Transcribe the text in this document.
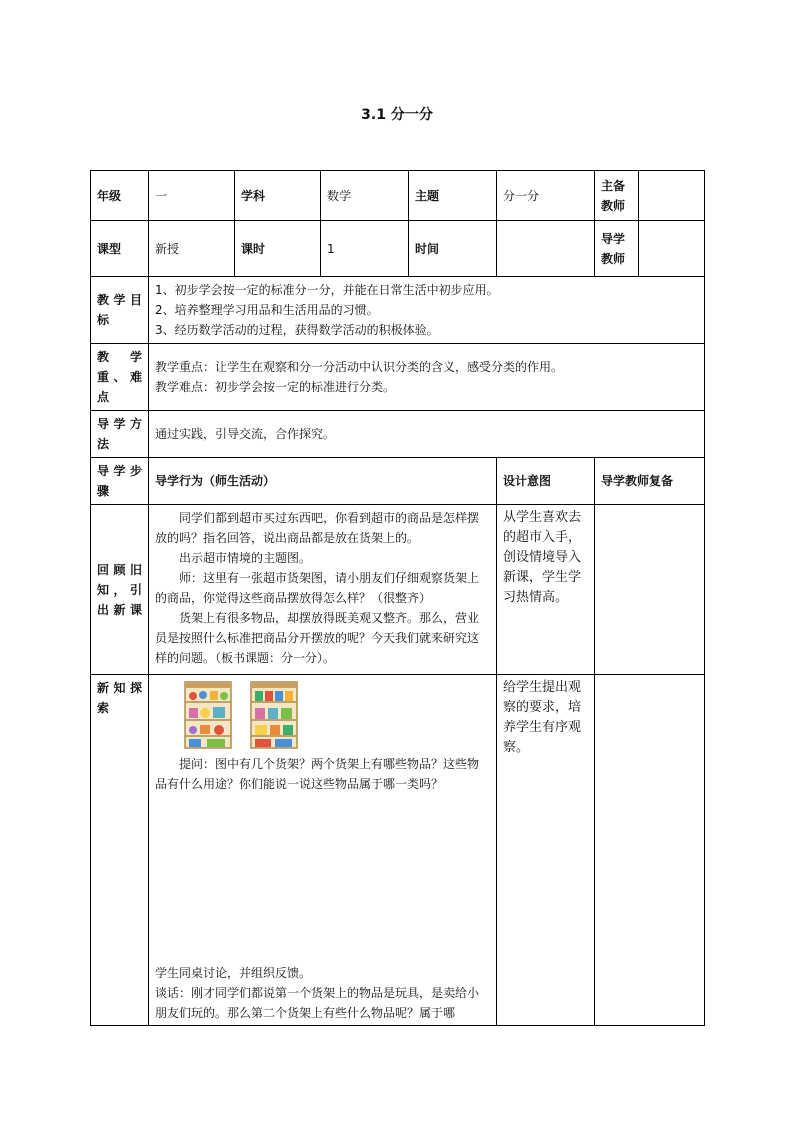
3.1 分一分
年级	一	学科	数学	主题	分一分	主备教师	
课型	新授	课时	1	时间		导学教师	

教学目标	1、初步学会按一定的标准分一分，并能在日常生活中初步应用。

2、培养整理学习用品和生活用品的习惯。

3、经历数学活动的过程，获得数学活动的积极体验。						

教学重、难点	教学重点：让学生在观察和分一分活动中认识分类的含义，感受分类的作用。

教学难点：初步学会按一定的标准进行分类。						

导学方法	通过实践，引导交流，合作探究。						

导学步骤	导学行为（师生活动）				设计意图	导学教师复备	

回顾旧知，引出新课	同学们都到超市买过东西吧，你看到超市的商品是怎样摆放的吗？指名回答，说出商品都是放在货架上的。

出示超市情境的主题图。

师：这里有一张超市货架图，请小朋友们仔细观察货架上的商品，你觉得这些商品摆放得怎么样？（很整齐）

货架上有很多物品，却摆放得既美观又整齐。那么，营业员是按照什么标准把商品分开摆放的呢？今天我们就来研究这样的问题。（板书课题：分一分）。				从学生喜欢去的超市入手，创设情境导入新课，学生学习热情高。		

新知探索	提问：图中有几个货架？两个货架上有哪些物品？这些物品有什么用途？你们能说一说这些物品属于哪一类吗？

学生同桌讨论，并组织反馈。

谈话：刚才同学们都说第一个货架上的物品是玩具，是卖给小朋友们玩的。那么第二个货架上有些什么物品呢？属于哪				给学生提出观察的要求，培养学生有序观察。		
